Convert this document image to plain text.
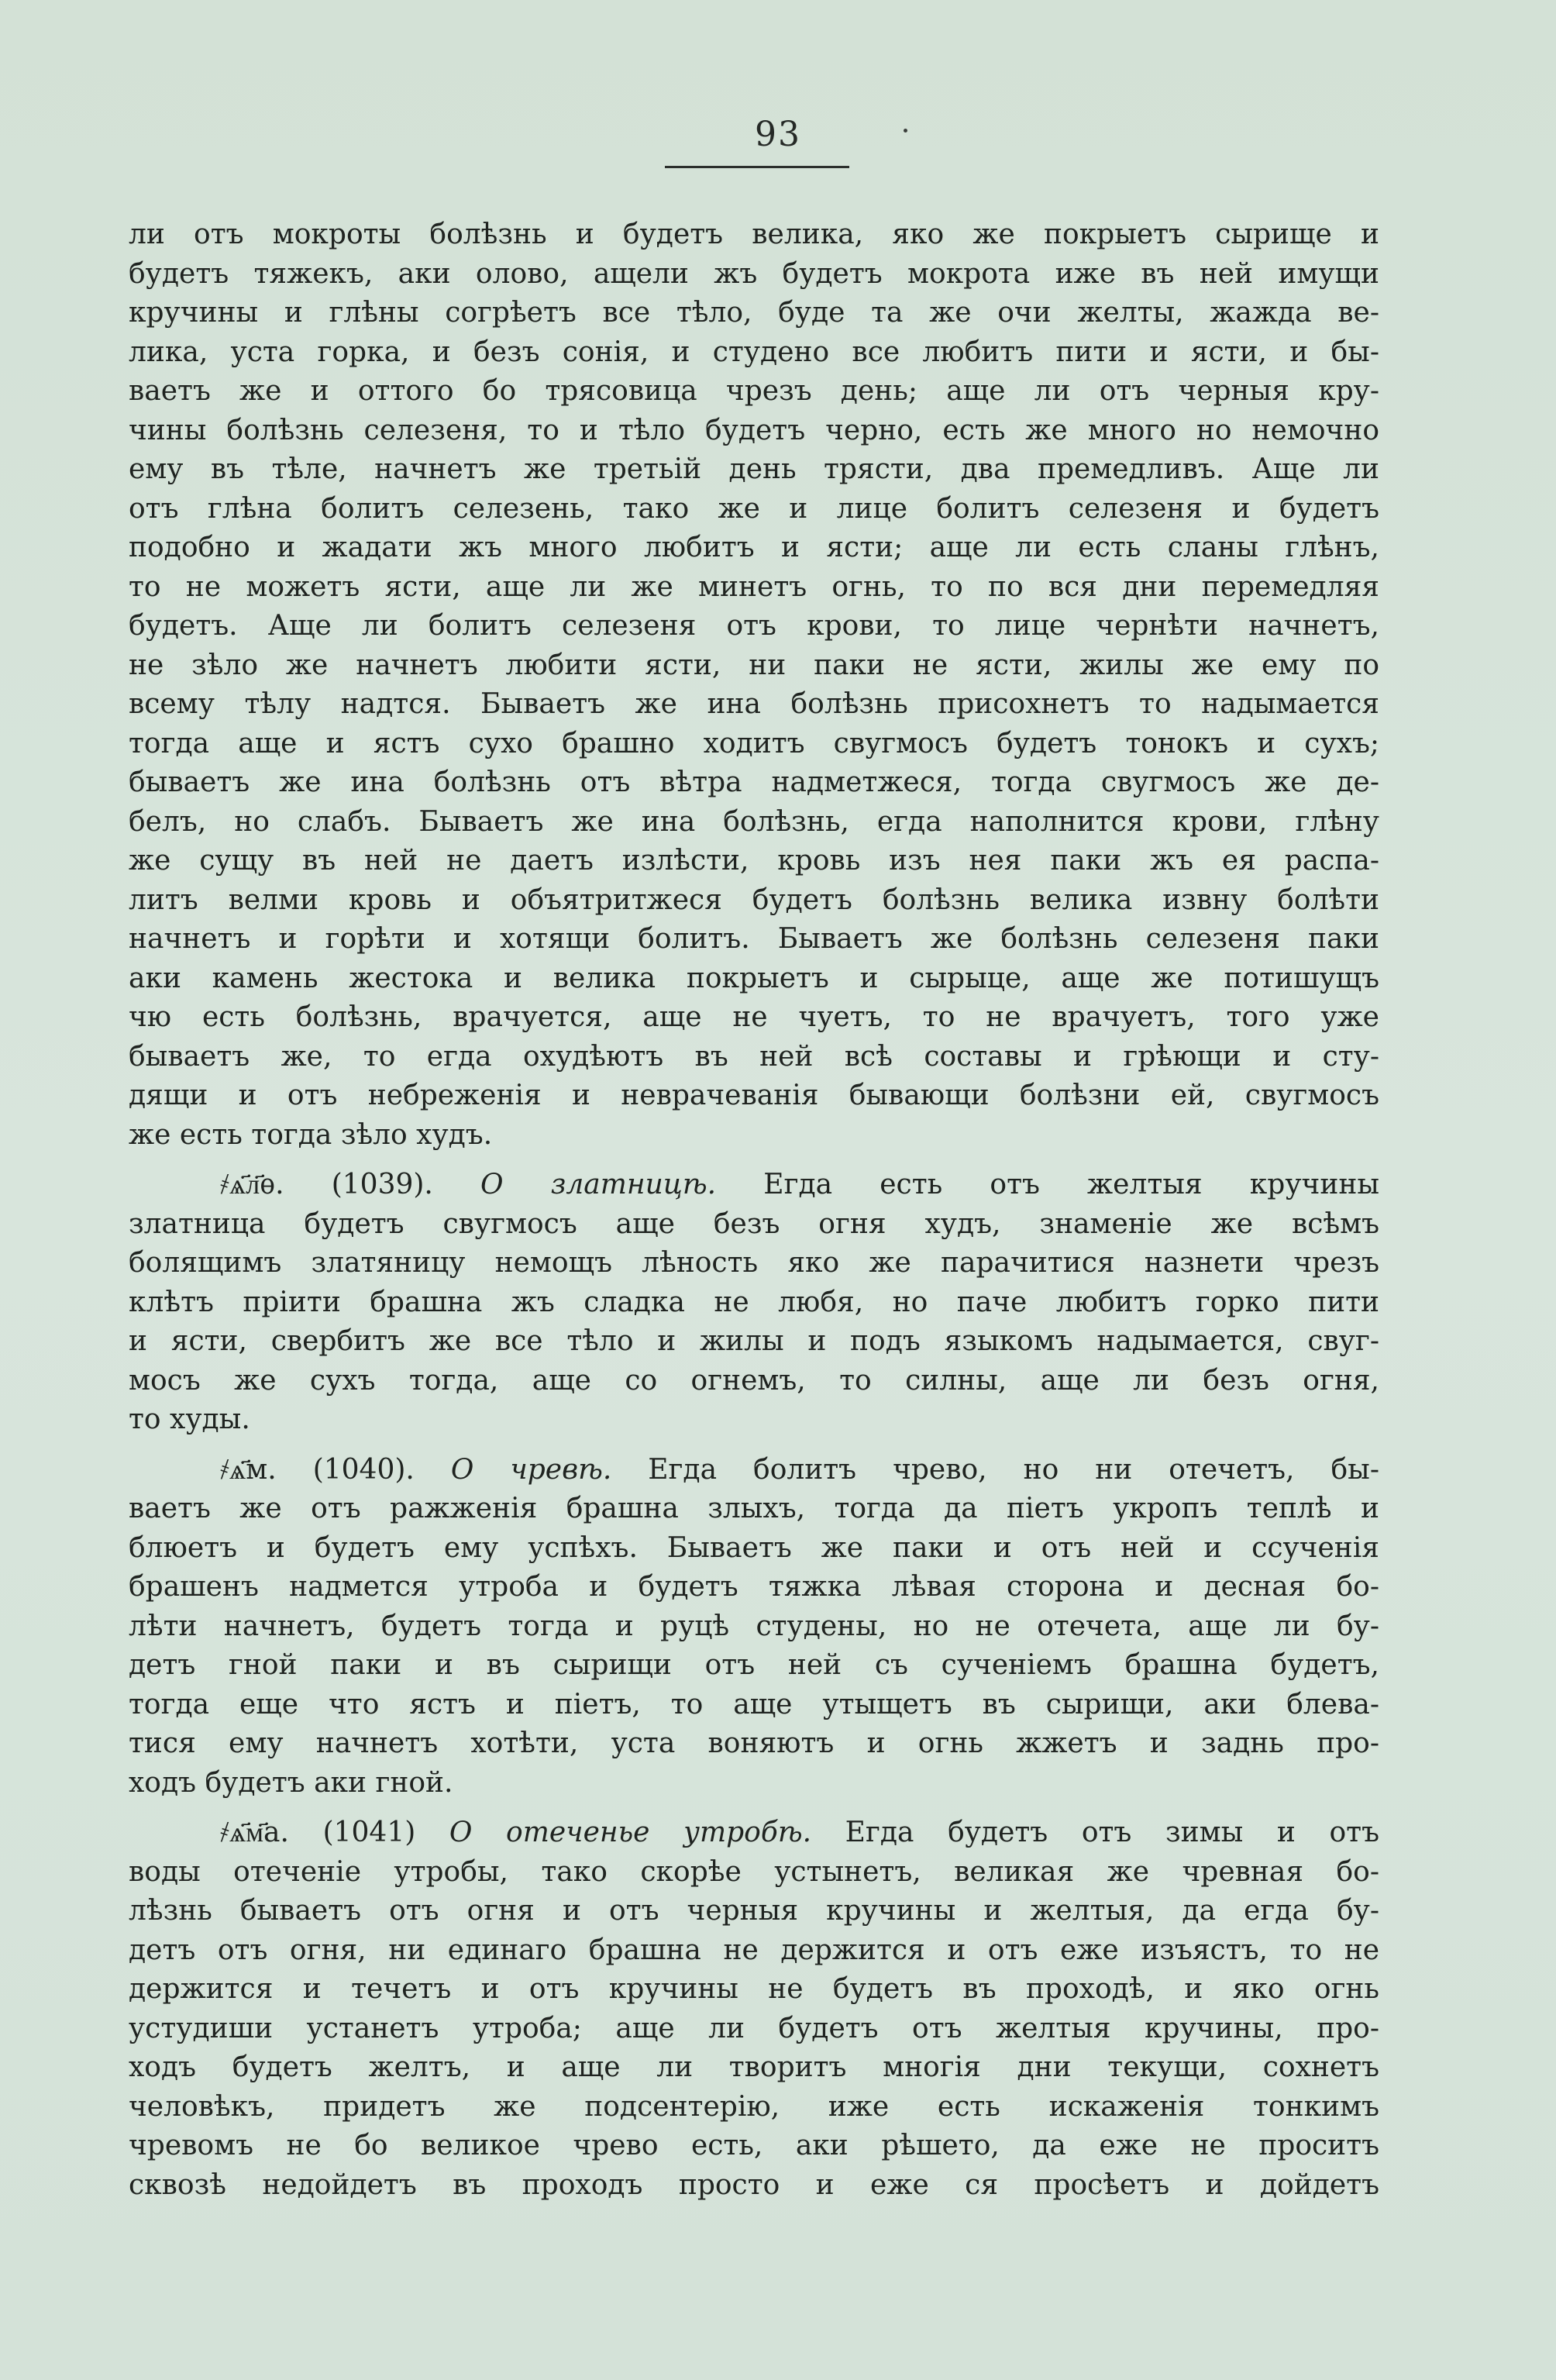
93

ли отъ мокроты болѣзнь и будетъ велика, яко же покрыетъ сырище и
будетъ тяжекъ, аки олово, ащели жъ будетъ мокрота иже въ ней имущи
кручины и глѣны согрѣетъ все тѣло, буде та же очи желты, жажда ве-
лика, уста горка, и безъ сонія, и студено все любитъ пити и ясти, и бы-
ваетъ же и оттого бо трясовица чрезъ день; аще ли отъ черныя кру-
чины болѣзнь селезеня, то и тѣло будетъ черно, есть же много но немочно
ему въ тѣле, начнетъ же третьій день трясти, два премедливъ. Аще ли
отъ глѣна болитъ селезень, тако же и лице болитъ селезеня и будетъ
подобно и жадати жъ много любитъ и ясти; аще ли есть сланы глѣнъ,
то не можетъ ясти, аще ли же минетъ огнь, то по вся дни перемедляя
будетъ. Аще ли болитъ селезеня отъ крови, то лице чернѣти начнетъ,
не зѣло же начнетъ любити ясти, ни паки не ясти, жилы же ему по
всему тѣлу надтся. Бываетъ же ина болѣзнь присохнетъ то надымается
тогда аще и ястъ сухо брашно ходитъ свугмосъ будетъ тонокъ и сухъ;
бываетъ же ина болѣзнь отъ вѣтра надметжеся, тогда свугмосъ же де-
белъ, но слабъ. Бываетъ же ина болѣзнь, егда наполнится крови, глѣну
же сущу въ ней не даетъ излѣсти, кровь изъ нея паки жъ ея распа-
литъ велми кровь и объятритжеся будетъ болѣзнь велика извну болѣти
начнетъ и горѣти и хотящи болитъ. Бываетъ же болѣзнь селезеня паки
аки камень жестока и велика покрыетъ и сырыце, аще же потишущъ
чю есть болѣзнь, врачуется, аще не чуетъ, то не врачуетъ, того уже
бываетъ же, то егда охудѣютъ въ ней всѣ составы и грѣющи и сту-
дящи и отъ небреженія и неврачеванія бывающи болѣзни ей, свугмосъ
же есть тогда зѣло худъ.

҂ѧ҃л҃ѳ. (1039). О златницѣ. Егда есть отъ желтыя кручины
златница будетъ свугмосъ аще безъ огня худъ, знаменіе же всѣмъ
болящимъ златяницу немощъ лѣность яко же парачитися назнети чрезъ
клѣтъ пріити брашна жъ сладка не любя, но паче любитъ горко пити
и ясти, свербитъ же все тѣло и жилы и подъ языкомъ надымается, свуг-
мосъ же сухъ тогда, аще со огнемъ, то силны, аще ли безъ огня,
то худы.

҂ѧ҃м. (1040). О чревѣ. Егда болитъ чрево, но ни отечетъ, бы-
ваетъ же отъ ражженія брашна злыхъ, тогда да піетъ укропъ теплѣ и
блюетъ и будетъ ему успѣхъ. Бываетъ же паки и отъ ней и ссученія
брашенъ надмется утроба и будетъ тяжка лѣвая сторона и десная бо-
лѣти начнетъ, будетъ тогда и руцѣ студены, но не отечета, аще ли бу-
детъ гной паки и въ сырищи отъ ней съ сученіемъ брашна будетъ,
тогда еще что ястъ и піетъ, то аще утыщетъ въ сырищи, аки блева-
тися ему начнетъ хотѣти, уста воняютъ и огнь жжетъ и заднь про-
ходъ будетъ аки гной.

҂ѧ҃м҃а. (1041) О отеченье утробѣ. Егда будетъ отъ зимы и отъ
воды отеченіе утробы, тако скорѣе устынетъ, великая же чревная бо-
лѣзнь бываетъ отъ огня и отъ черныя кручины и желтыя, да егда бу-
детъ отъ огня, ни единаго брашна не держится и отъ еже изъястъ, то не
держится и течетъ и отъ кручины не будетъ въ проходѣ, и яко огнь
устудиши устанетъ утроба; аще ли будетъ отъ желтыя кручины, про-
ходъ будетъ желтъ, и аще ли творитъ многія дни текущи, сохнетъ
человѣкъ, придетъ же подсентерію, иже есть искаженія тонкимъ
чревомъ не бо великое чрево есть, аки рѣшето, да еже не проситъ
сквозѣ недойдетъ въ проходъ просто и еже ся просѣетъ и дойдетъ
